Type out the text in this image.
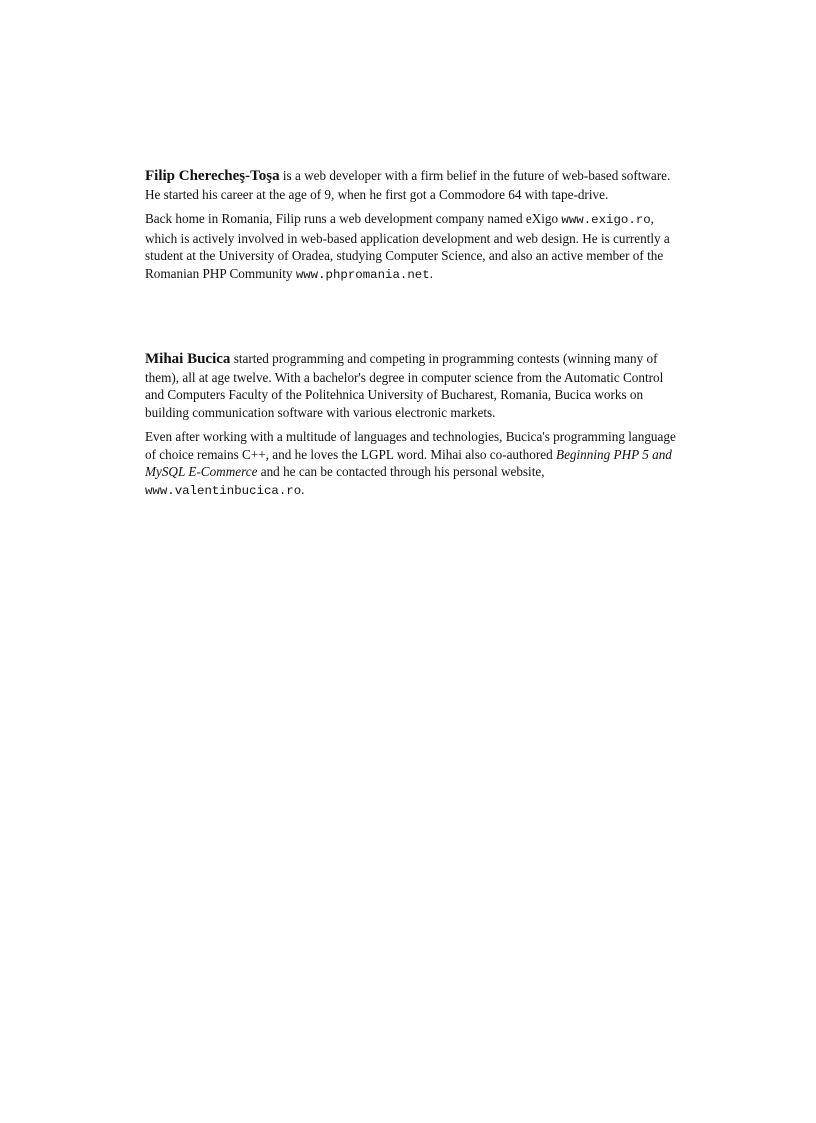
Filip Cherecheş-Toşa is a web developer with a firm belief in the future of web-based software. He started his career at the age of 9, when he first got a Commodore 64 with tape-drive.

Back home in Romania, Filip runs a web development company named eXigo www.exigo.ro, which is actively involved in web-based application development and web design. He is currently a student at the University of Oradea, studying Computer Science, and also an active member of the Romanian PHP Community www.phpromania.net.

Mihai Bucica started programming and competing in programming contests (winning many of them), all at age twelve. With a bachelor's degree in computer science from the Automatic Control and Computers Faculty of the Politehnica University of Bucharest, Romania, Bucica works on building communication software with various electronic markets.

Even after working with a multitude of languages and technologies, Bucica's programming language of choice remains C++, and he loves the LGPL word. Mihai also co-authored Beginning PHP 5 and MySQL E-Commerce and he can be contacted through his personal website, www.valentinbucica.ro.
